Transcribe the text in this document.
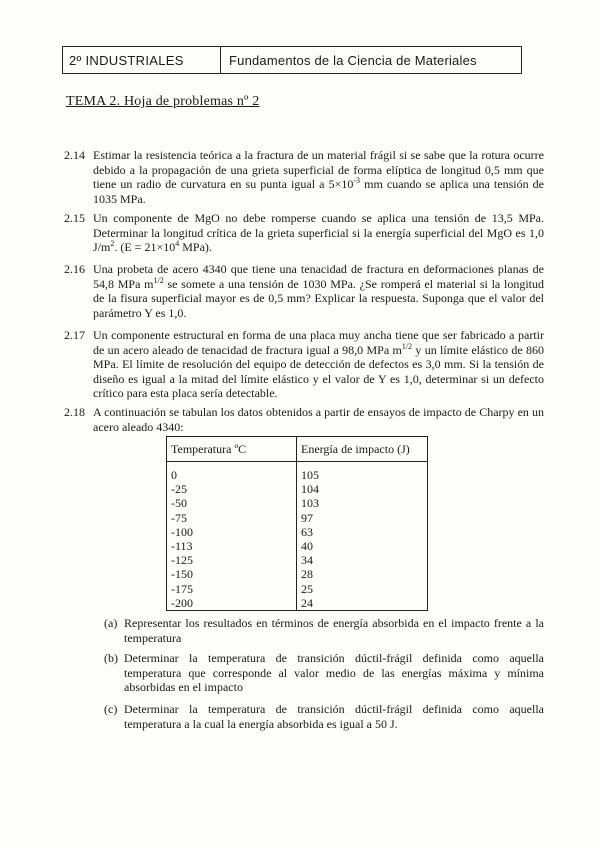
2º INDUSTRIALES	Fundamentos de la Ciencia de Materiales
TEMA 2. Hoja de problemas nº 2
2.14 Estimar la resistencia teórica a la fractura de un material frágil si se sabe que la rotura ocurre debido a la propagación de una grieta superficial de forma elíptica de longitud 0,5 mm que tiene un radio de curvatura en su punta igual a $5\times 10^{-3}$ mm cuando se aplica una tensión de 1035 MPa.
2.15 Un componente de MgO no debe romperse cuando se aplica una tensión de 13,5 MPa. Determinar la longitud crítica de la grieta superficial si la energía superficial del MgO es 1,0 $J/m^2$. ($E = 21\times 10^4$ MPa).
2.16 Una probeta de acero 4340 que tiene una tenacidad de fractura en deformaciones planas de 54,8 MPa $m^{1/2}$ se somete a una tensión de 1030 MPa. ¿Se romperá el material si la longitud de la fisura superficial mayor es de 0,5 mm? Explicar la respuesta. Suponga que el valor del parámetro Y es 1,0.
2.17 Un componente estructural en forma de una placa muy ancha tiene que ser fabricado a partir de un acero aleado de tenacidad de fractura igual a 98,0 MPa $m^{1/2}$ y un límite elástico de 860 MPa. El límite de resolución del equipo de detección de defectos es 3,0 mm. Si la tensión de diseño es igual a la mitad del límite elástico y el valor de Y es 1,0, determinar si un defecto crítico para esta placa sería detectable.
2.18 A continuación se tabulan los datos obtenidos a partir de ensayos de impacto de Charpy en un acero aleado 4340:
Temperatura ºC	Energía de impacto (J)

0	105
-25	104
-50	103
-75	97
-100	63
-113	40
-125	34
-150	28
-175	25
-200	24
(a) Representar los resultados en términos de energía absorbida en el impacto frente a la temperatura
(b) Determinar la temperatura de transición dúctil-frágil definida como aquella temperatura que corresponde al valor medio de las energías máxima y mínima absorbidas en el impacto
(c) Determinar la temperatura de transición dúctil-frágil definida como aquella temperatura a la cual la energía absorbida es igual a 50 J.
